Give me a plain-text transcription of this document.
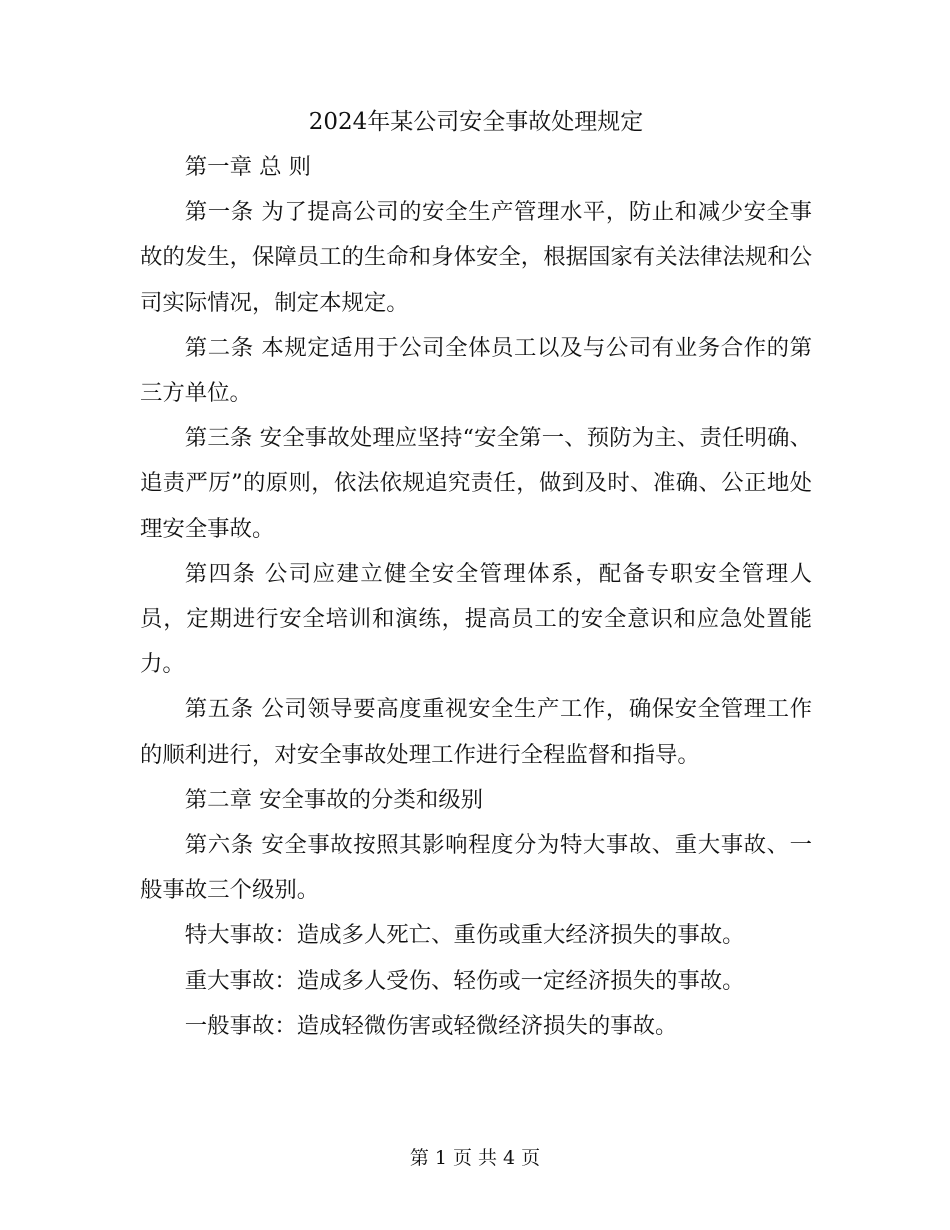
2024年某公司安全事故处理规定

第一章 总 则

第一条 为了提高公司的安全生产管理水平，防止和减少安全事故的发生，保障员工的生命和身体安全，根据国家有关法律法规和公司实际情况，制定本规定。

第二条 本规定适用于公司全体员工以及与公司有业务合作的第三方单位。

第三条 安全事故处理应坚持“安全第一、预防为主、责任明确、追责严厉”的原则，依法依规追究责任，做到及时、准确、公正地处理安全事故。

第四条 公司应建立健全安全管理体系，配备专职安全管理人员，定期进行安全培训和演练，提高员工的安全意识和应急处置能力。

第五条 公司领导要高度重视安全生产工作，确保安全管理工作的顺利进行，对安全事故处理工作进行全程监督和指导。

第二章 安全事故的分类和级别

第六条 安全事故按照其影响程度分为特大事故、重大事故、一般事故三个级别。

特大事故：造成多人死亡、重伤或重大经济损失的事故。

重大事故：造成多人受伤、轻伤或一定经济损失的事故。

一般事故：造成轻微伤害或轻微经济损失的事故。

第 1 页 共 4 页
